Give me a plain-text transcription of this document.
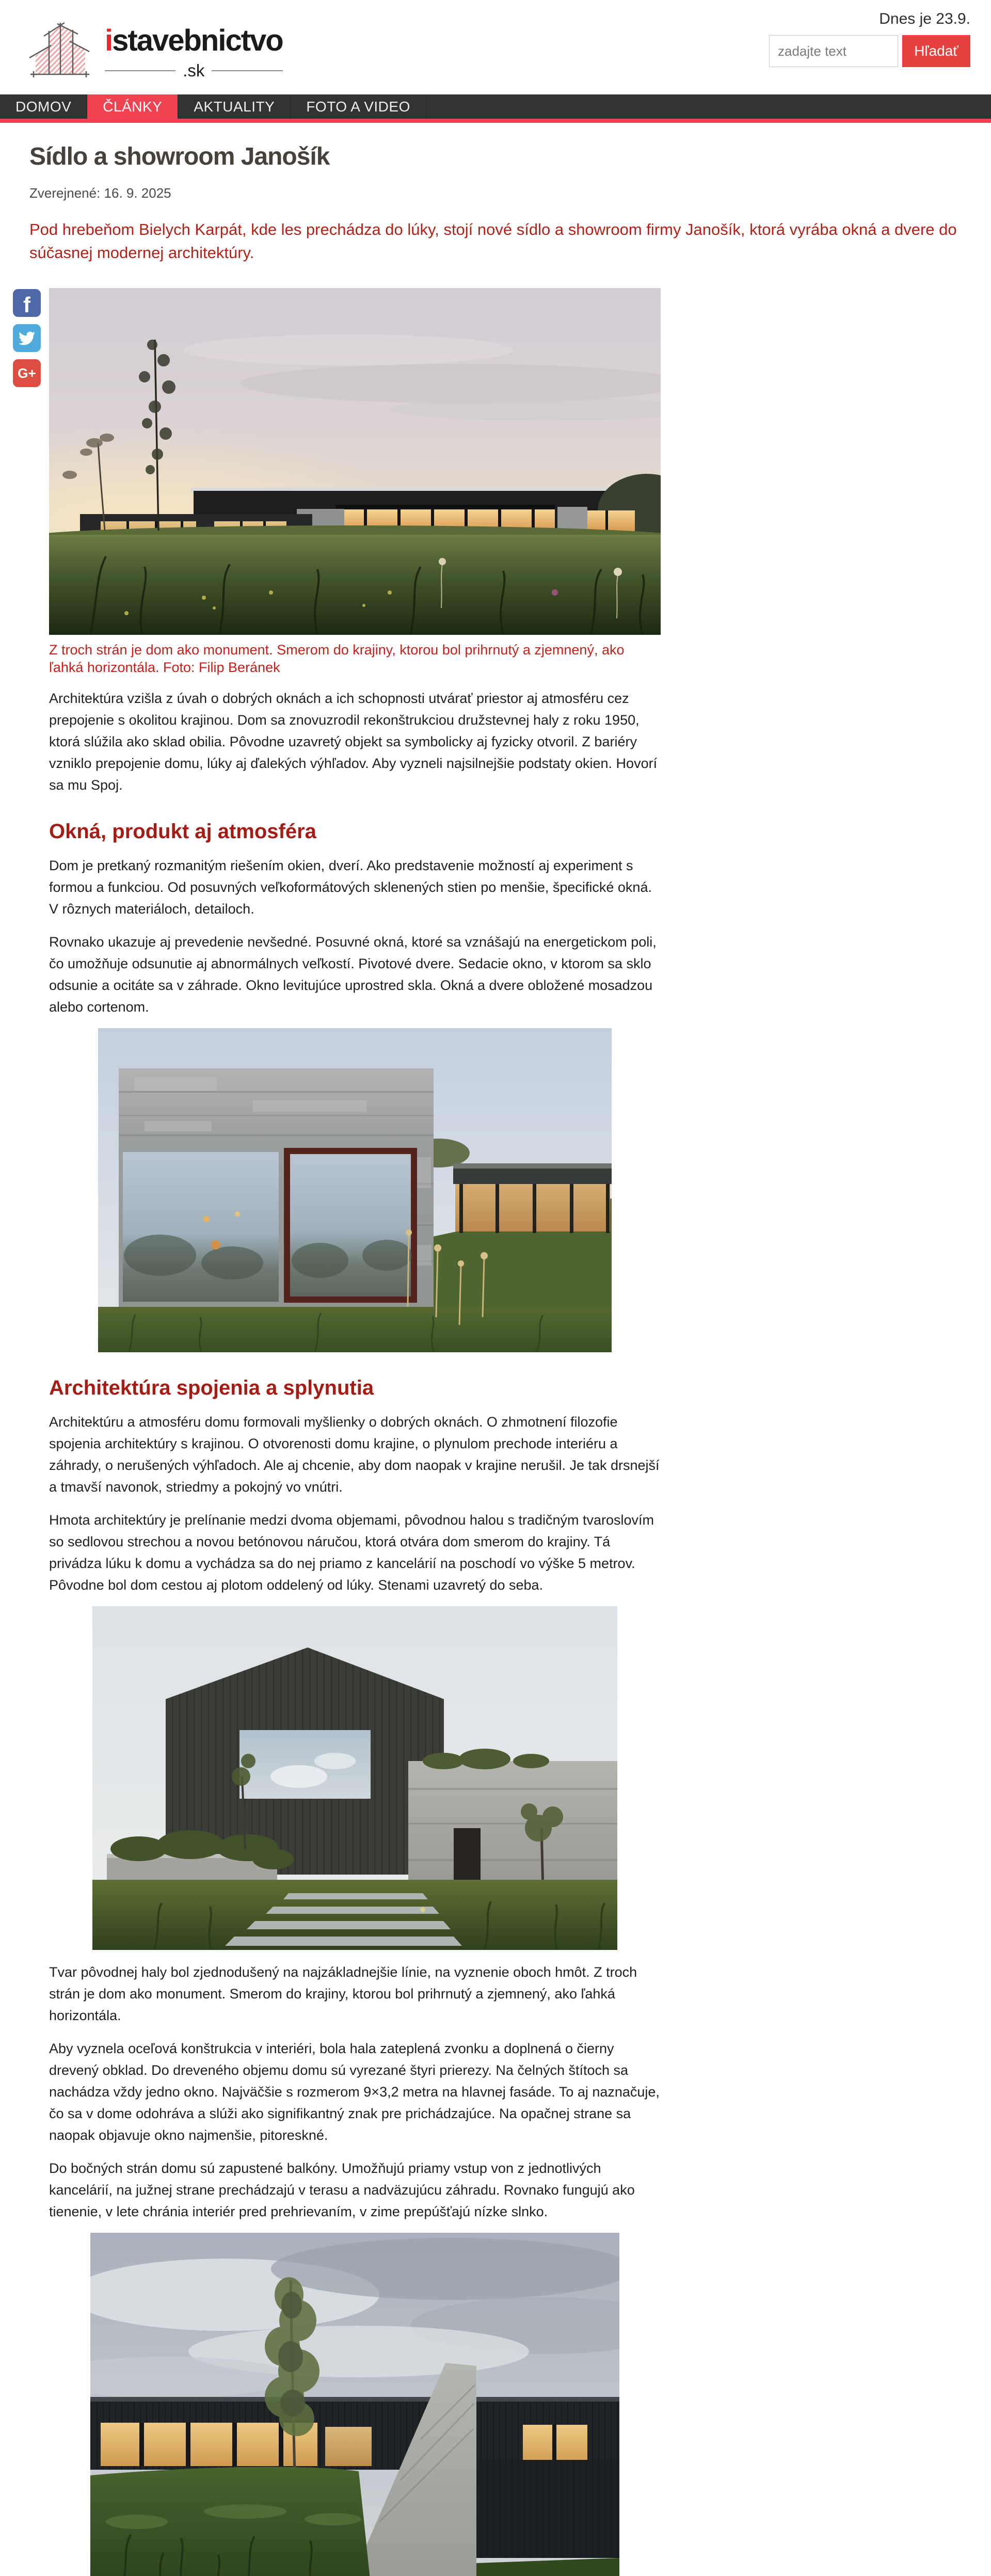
istavebnictvo
.sk
Dnes je 23.9.
zadajte text
Hľadať
DOMOV	ČLÁNKY	AKTUALITY	FOTO A VIDEO
Sídlo a showroom Janošík
Zverejnené: 16. 9. 2025

Pod hrebeňom Bielych Karpát, kde les prechádza do lúky, stojí nové sídlo a showroom firmy Janošík, ktorá vyrába okná a dvere do súčasnej modernej architektúry.

f
G+
Z troch strán je dom ako monument. Smerom do krajiny, ktorou bol prihrnutý a zjemnený, ako ľahká horizontála. Foto: Filip Beránek

Architektúra vzišla z úvah o dobrých oknách a ich schopnosti utvárať priestor aj atmosféru cez prepojenie s okolitou krajinou. Dom sa znovuzrodil rekonštrukciou družstevnej haly z roku 1950, ktorá slúžila ako sklad obilia. Pôvodne uzavretý objekt sa symbolicky aj fyzicky otvoril. Z bariéry vzniklo prepojenie domu, lúky aj ďalekých výhľadov. Aby vyzneli najsilnejšie podstaty okien. Hovorí sa mu Spoj.

Okná, produkt aj atmosféra

Dom je pretkaný rozmanitým riešením okien, dverí. Ako predstavenie možností aj experiment s formou a funkciou. Od posuvných veľkoformátových sklenených stien po menšie, špecifické okná. V rôznych materiáloch, detailoch.

Rovnako ukazuje aj prevedenie nevšedné. Posuvné okná, ktoré sa vznášajú na energetickom poli, čo umožňuje odsunutie aj abnormálnych veľkostí. Pivotové dvere. Sedacie okno, v ktorom sa sklo odsunie a ocitáte sa v záhrade. Okno levitujúce uprostred skla. Okná a dvere obložené mosadzou alebo cortenom.

Architektúra spojenia a splynutia

Architektúru a atmosféru domu formovali myšlienky o dobrých oknách. O zhmotnení filozofie spojenia architektúry s krajinou. O otvorenosti domu krajine, o plynulom prechode interiéru a záhrady, o nerušených výhľadoch. Ale aj chcenie, aby dom naopak v krajine nerušil. Je tak drsnejší a tmavší navonok, striedmy a pokojný vo vnútri.

Hmota architektúry je prelínanie medzi dvoma objemami, pôvodnou halou s tradičným tvaroslovím so sedlovou strechou a novou betónovou náručou, ktorá otvára dom smerom do krajiny. Tá privádza lúku k domu a vychádza sa do nej priamo z kancelárií na poschodí vo výške 5 metrov. Pôvodne bol dom cestou aj plotom oddelený od lúky. Stenami uzavretý do seba.

Tvar pôvodnej haly bol zjednodušený na najzákladnejšie línie, na vyznenie oboch hmôt. Z troch strán je dom ako monument. Smerom do krajiny, ktorou bol prihrnutý a zjemnený, ako ľahká horizontála.

Aby vyznela oceľová konštrukcia v interiéri, bola hala zateplená zvonku a doplnená o čierny drevený obklad. Do dreveného objemu domu sú vyrezané štyri prierezy. Na čelných štítoch sa nachádza vždy jedno okno. Najväčšie s rozmerom 9×3,2 metra na hlavnej fasáde. To aj naznačuje, čo sa v dome odohráva a slúži ako signifikantný znak pre prichádzajúce. Na opačnej strane sa naopak objavuje okno najmenšie, pitoreskné.

Do bočných strán domu sú zapustené balkóny. Umožňujú priamy vstup von z jednotlivých kancelárií, na južnej strane prechádzajú v terasu a nadväzujúcu záhradu. Rovnako fungujú ako tienenie, v lete chránia interiér pred prehrievaním, v zime prepúšťajú nízke slnko.
